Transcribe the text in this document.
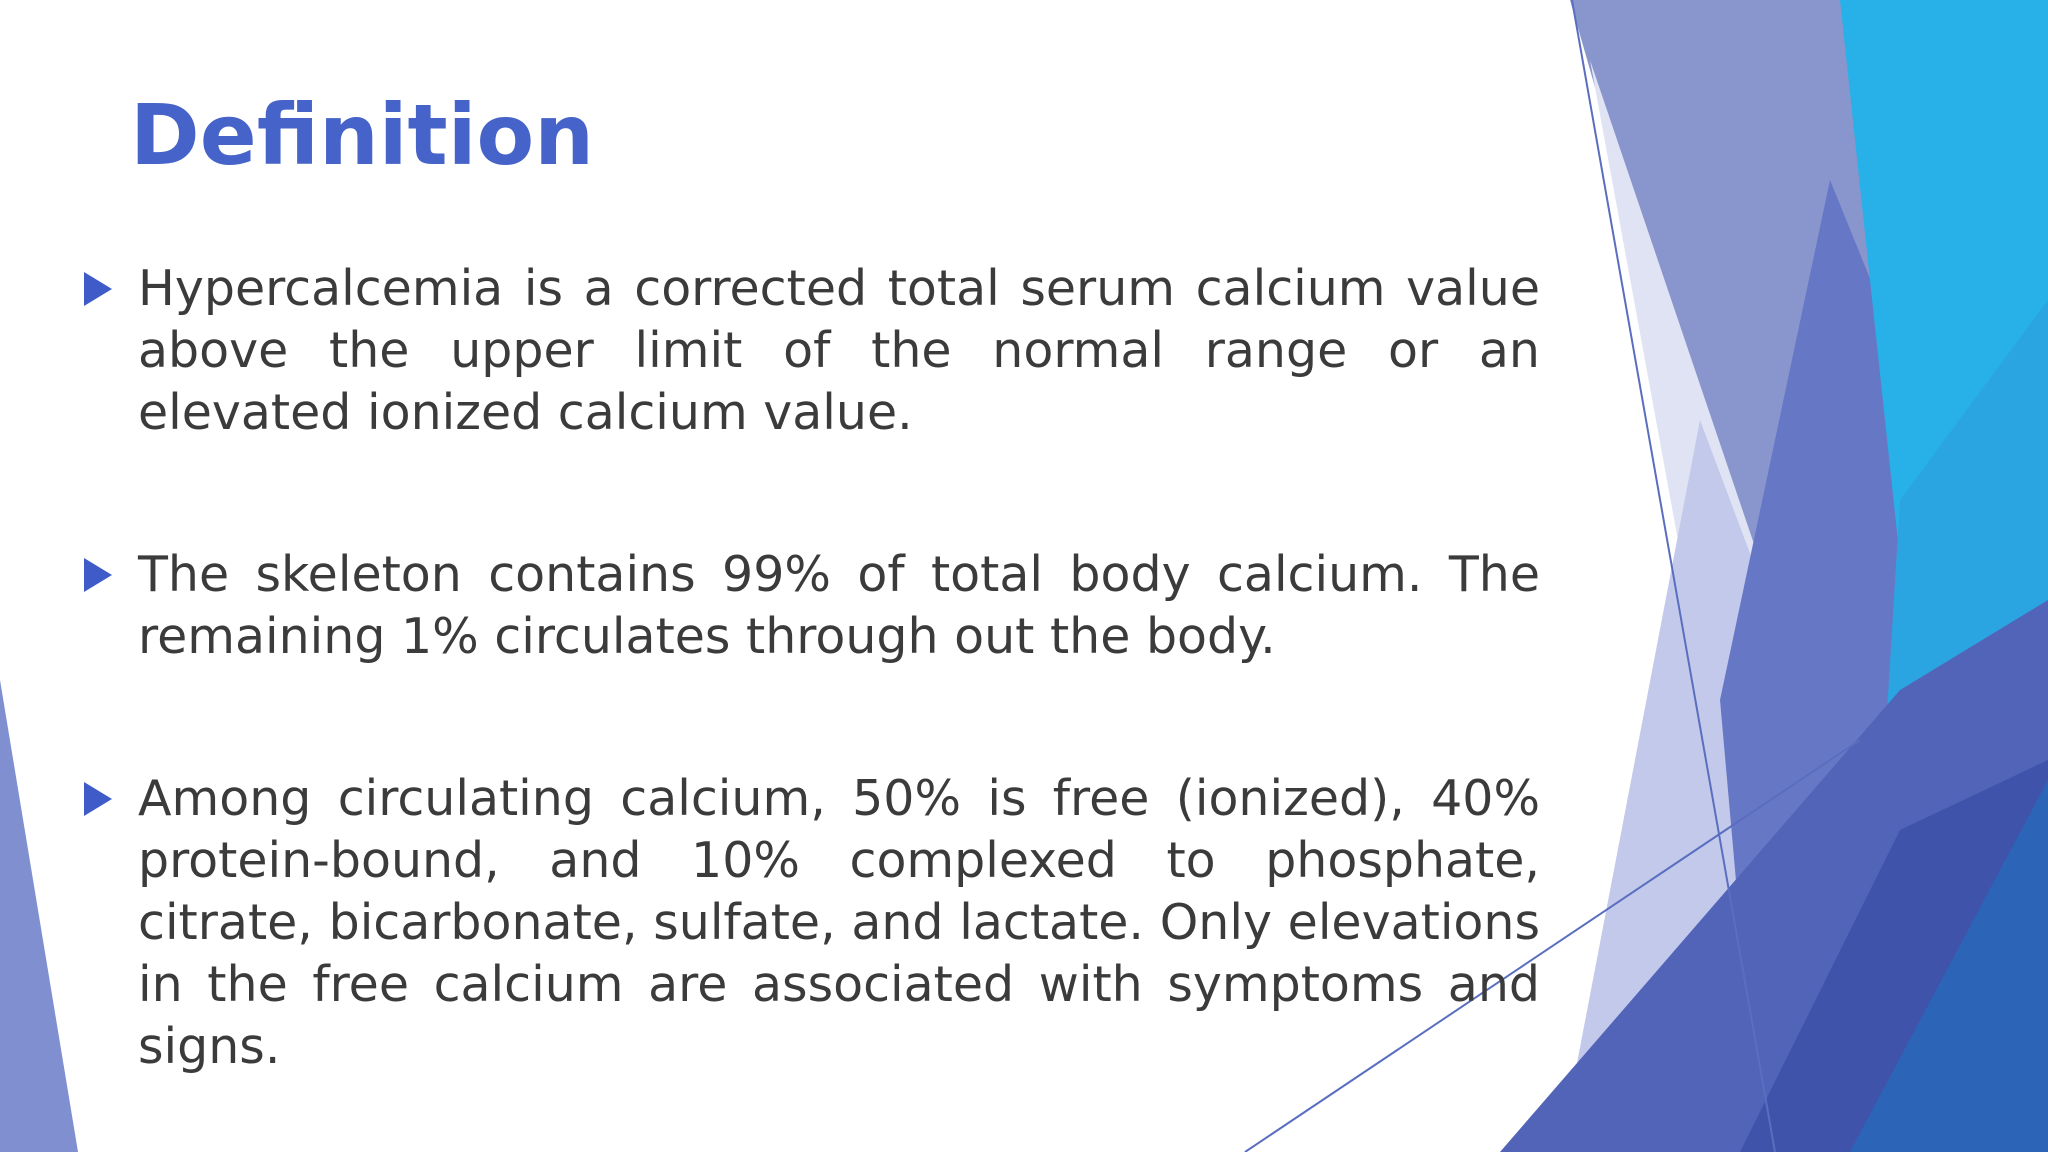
Definition
Hypercalcemia is a corrected total serum calcium value above the upper limit of the normal range or an elevated ionized calcium value.
The skeleton contains 99% of total body calcium. The remaining 1% circulates through out the body.
Among circulating calcium, 50% is free (ionized), 40% protein-bound, and 10% complexed to phosphate, citrate, bicarbonate, sulfate, and lactate. Only elevations in the free calcium are associated with symptoms and signs.
